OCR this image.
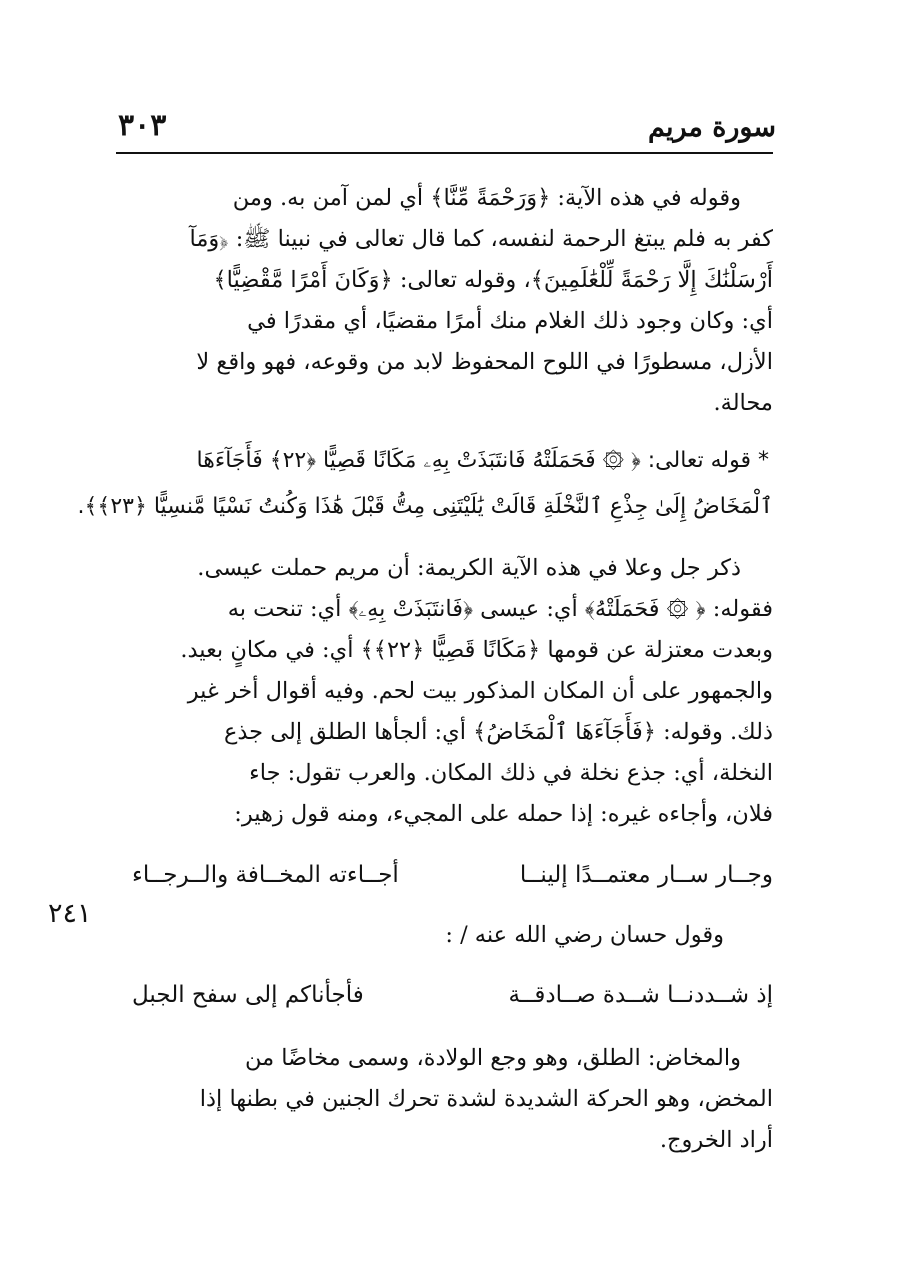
سورة مريم
٣٠٣
وقوله في هذه الآية: ﴿وَرَحْمَةً مِّنَّا﴾ أي لمن آمن به. ومن
كفر به فلم يبتغ الرحمة لنفسه، كما قال تعالى في نبينا ﷺ: ﴿وَمَآ
أَرْسَلْنَٰكَ إِلَّا رَحْمَةً لِّلْعَٰلَمِينَ﴾، وقوله تعالى: ﴿وَكَانَ أَمْرًا مَّقْضِيًّا﴾
أي: وكان وجود ذلك الغلام منك أمرًا مقضيًا، أي مقدرًا في
الأزل، مسطورًا في اللوح المحفوظ لابد من وقوعه، فهو واقع لا
محالة.
* قوله تعالى: ﴿ ۞ فَحَمَلَتْهُ فَانتَبَذَتْ بِهِۦ مَكَانًا قَصِيًّا ﴿٢٢﴾ فَأَجَآءَهَا
ٱلْمَخَاضُ إِلَىٰ جِذْعِ ٱلنَّخْلَةِ قَالَتْ يَٰلَيْتَنِى مِتُّ قَبْلَ هَٰذَا وَكُنتُ نَسْيًا مَّنسِيًّا ﴿٢٣﴾﴾.
ذكر جل وعلا في هذه الآية الكريمة: أن مريم حملت عيسى.
فقوله: ﴿ ۞ فَحَمَلَتْهُ﴾ أي: عيسى ﴿فَانتَبَذَتْ بِهِۦ﴾ أي: تنحت به
وبعدت معتزلة عن قومها ﴿مَكَانًا قَصِيًّا ﴿٢٢﴾﴾ أي: في مكانٍ بعيد.
والجمهور على أن المكان المذكور بيت لحم. وفيه أقوال أخر غير
ذلك. وقوله: ﴿فَأَجَآءَهَا ٱلْمَخَاضُ﴾ أي: ألجأها الطلق إلى جذع
النخلة، أي: جذع نخلة في ذلك المكان. والعرب تقول: جاء
فلان، وأجاءه غيره: إذا حمله على المجيء، ومنه قول زهير:
وجــار ســار معتمــدًا إلينــا
أجــاءته المخــافة والــرجــاء
٢٤١
وقول حسان رضي الله عنه / :
إذ شــددنــا شــدة صــادقــة
فأجأناكم إلى سفح الجبل
والمخاض: الطلق، وهو وجع الولادة، وسمى مخاضًا من
المخض، وهو الحركة الشديدة لشدة تحرك الجنين في بطنها إذا
أراد الخروج.
